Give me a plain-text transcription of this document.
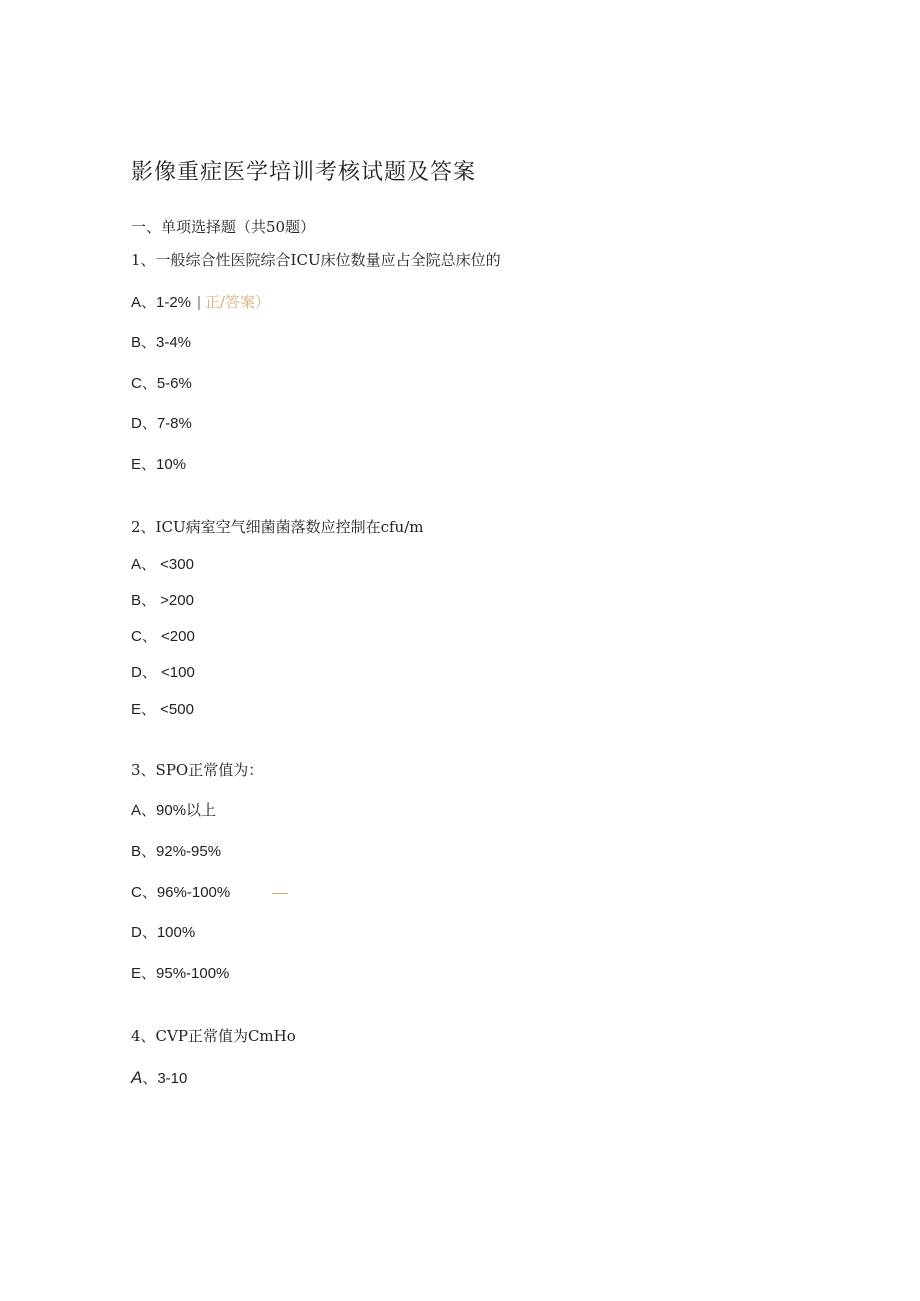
影像重症医学培训考核试题及答案
一、单项选择题（共50题）
1、一般综合性医院综合ICU床位数量应占全院总床位的
A、1-2% | 正/答案）
B、3-4%
C、5-6%
D、7-8%
E、10%
2、ICU病室空气细菌菌落数应控制在cfu/m
A、 <300
B、 >200
C、 <200
D、 <100
E、 <500
3、SPO正常值为：
A、90%以上
B、92%-95%
C、96%-100%
D、100%
E、95%-100%
4、CVP正常值为CmHo
A、3-10
